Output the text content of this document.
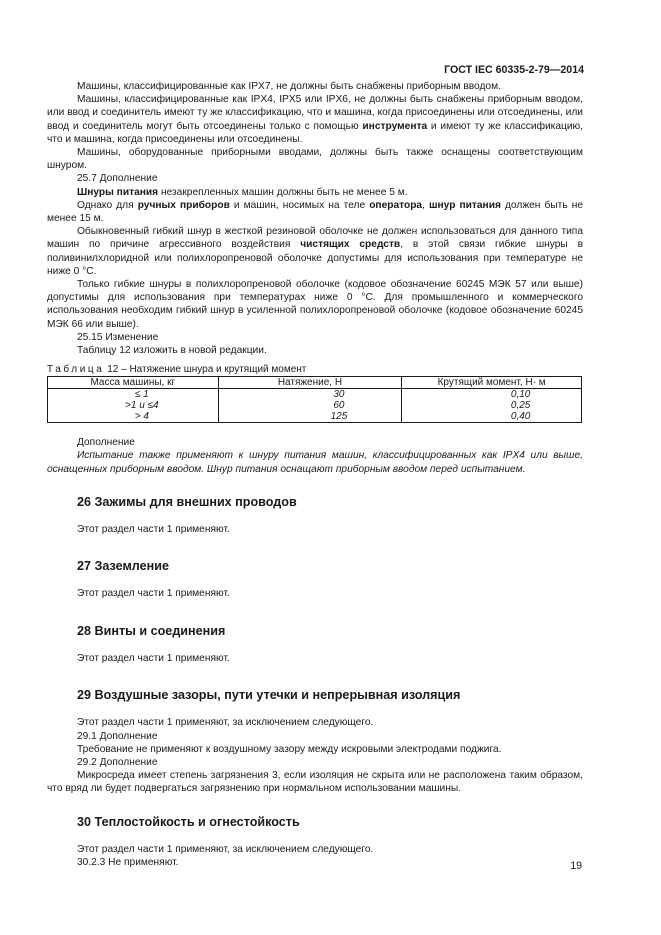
ГОСТ IEC 60335-2-79—2014

Машины, классифицированные как IPX7, не должны быть снабжены приборным вводом.

Машины, классифицированные как IPX4, IPX5 или IPX6, не должны быть снабжены приборным вводом, или ввод и соединитель имеют ту же классификацию, что и машина, когда присоединены или отсоединены, или ввод и соединитель могут быть отсоединены только с помощью инструмента и имеют ту же классификацию, что и машина, когда присоединены или отсоединены.

Машины, оборудованные приборными вводами, должны быть также оснащены соответствующим шнуром.

25.7 Дополнение

Шнуры питания незакрепленных машин должны быть не менее 5 м.

Однако для ручных приборов и машин, носимых на теле оператора, шнур питания должен быть не менее 15 м.

Обыкновенный гибкий шнур в жесткой резиновой оболочке не должен использоваться для данного типа машин по причине агрессивного воздействия чистящих средств, в этой связи гибкие шнуры в поливинилхлоридной или полихлоропреновой оболочке допустимы для использования при температуре не ниже 0 °С.

Только гибкие шнуры в полихлоропреновой оболочке (кодовое обозначение 60245 МЭК 57 или выше) допустимы для использования при температурах ниже 0 °С. Для промышленного и коммерческого использования необходим гибкий шнур в усиленной полихлоропреновой оболочке (кодовое обозначение 60245 МЭК 66 или выше).

25.15 Изменение

Таблицу 12 изложить в новой редакции.

Таблица 12 – Натяжение шнура и крутящий момент
Масса машины, кг	Натяжение, Н	Крутящий момент, Н· м
≤ 1	30	0,10
>1 и ≤4	60	0,25
> 4	125	0,40

Дополнение

Испытание также применяют к шнуру питания машин, классифицированных как IPX4 или выше, оснащенных приборным вводом. Шнур питания оснащают приборным вводом перед испытанием.

26 Зажимы для внешних проводов

Этот раздел части 1 применяют.

27 Заземление

Этот раздел части 1 применяют.

28 Винты и соединения

Этот раздел части 1 применяют.

29 Воздушные зазоры, пути утечки и непрерывная изоляция

Этот раздел части 1 применяют, за исключением следующего.

29.1 Дополнение

Требование не применяют к воздушному зазору между искровыми электродами поджига.

29.2 Дополнение

Микросреда имеет степень загрязнения 3, если изоляция не скрыта или не расположена таким образом, что вряд ли будет подвергаться загрязнению при нормальном использовании машины.

30 Теплостойкость и огнестойкость

Этот раздел части 1 применяют, за исключением следующего.

30.2.3 Не применяют.	19
